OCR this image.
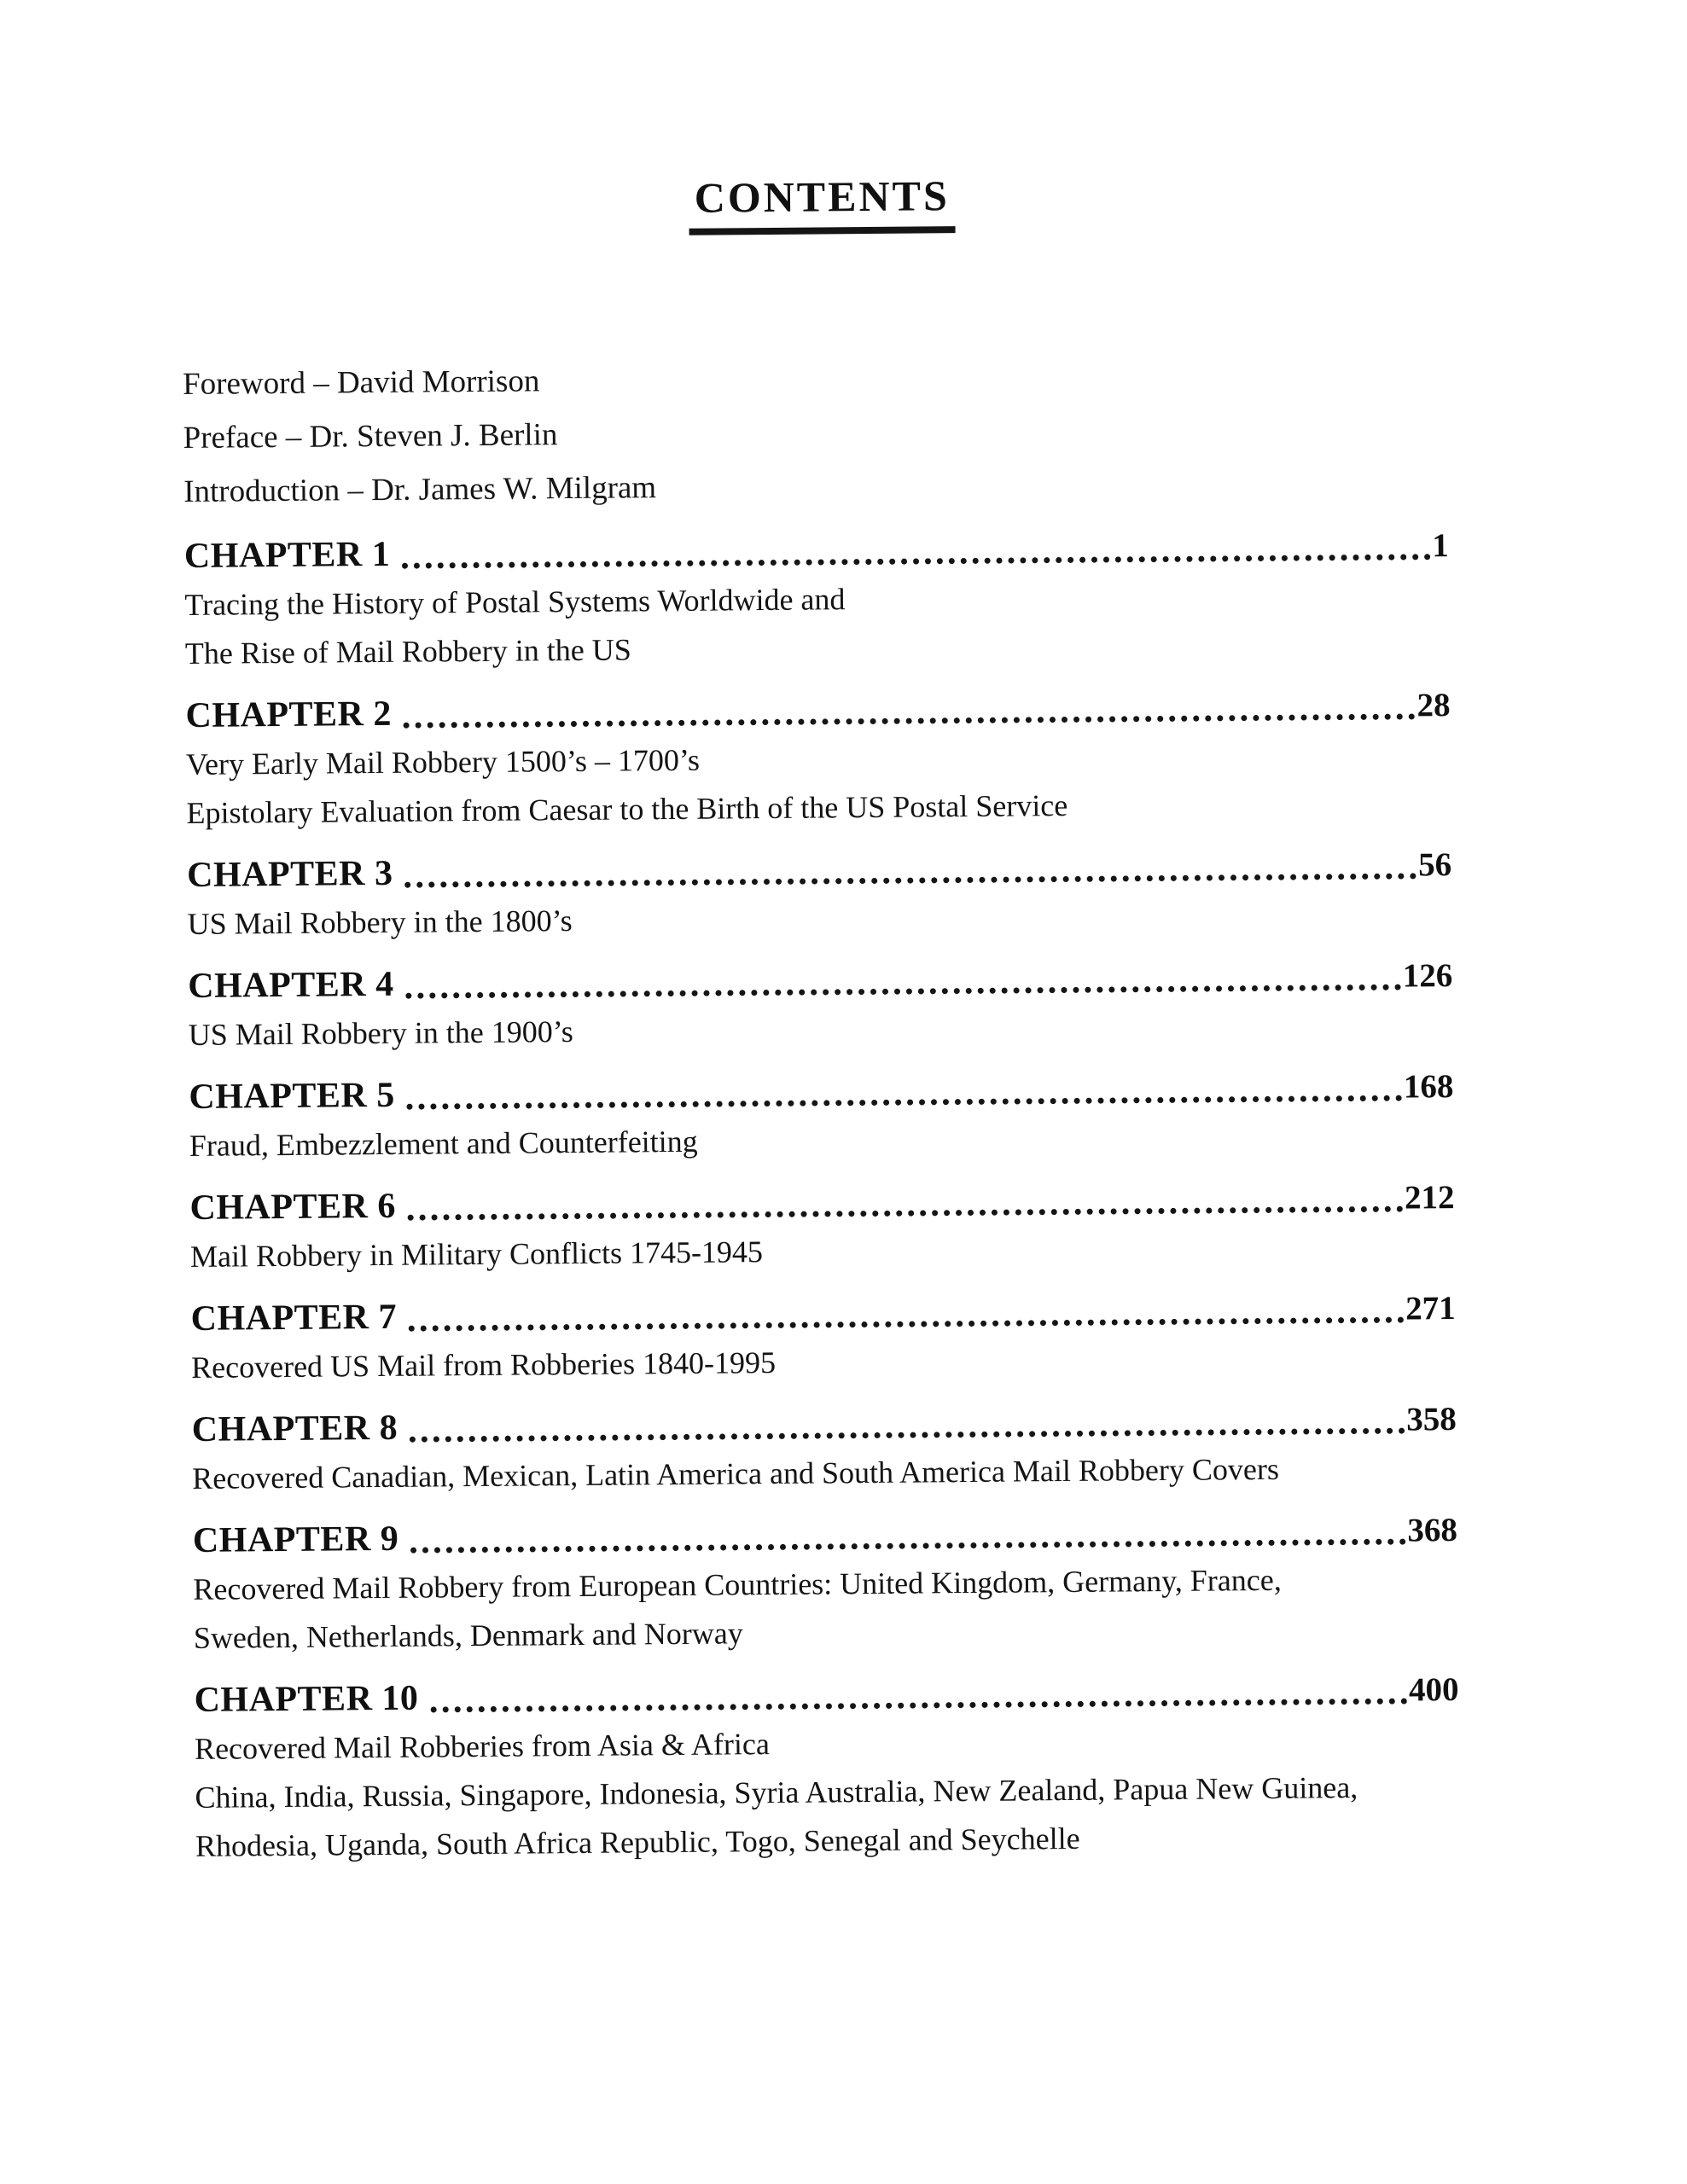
CONTENTS
Foreword – David Morrison
Preface – Dr. Steven J. Berlin
Introduction – Dr. James W. Milgram
CHAPTER 1	1
Tracing the History of Postal Systems Worldwide and
The Rise of Mail Robbery in the US
CHAPTER 2	28
Very Early Mail Robbery 1500’s – 1700’s
Epistolary Evaluation from Caesar to the Birth of the US Postal Service
CHAPTER 3	56
US Mail Robbery in the 1800’s
CHAPTER 4	126
US Mail Robbery in the 1900’s
CHAPTER 5	168
Fraud, Embezzlement and Counterfeiting
CHAPTER 6	212
Mail Robbery in Military Conflicts 1745-1945
CHAPTER 7	271
Recovered US Mail from Robberies 1840-1995
CHAPTER 8	358
Recovered Canadian, Mexican, Latin America and South America Mail Robbery Covers
CHAPTER 9	368
Recovered Mail Robbery from European Countries: United Kingdom, Germany, France,
Sweden, Netherlands, Denmark and Norway
CHAPTER 10	400
Recovered Mail Robberies from Asia & Africa
China, India, Russia, Singapore, Indonesia, Syria Australia, New Zealand, Papua New Guinea,
Rhodesia, Uganda, South Africa Republic, Togo, Senegal and Seychelle
